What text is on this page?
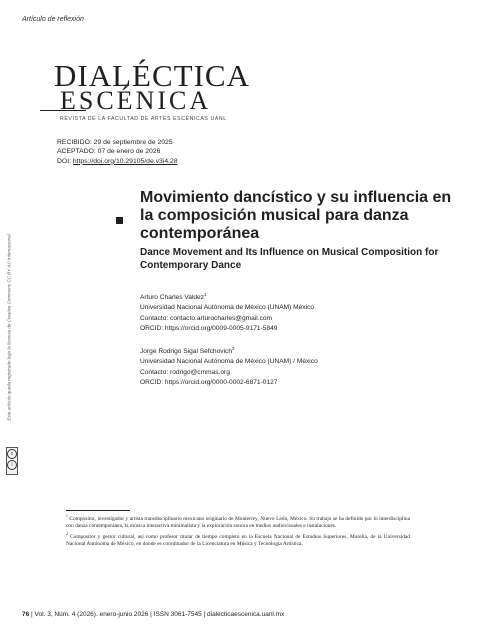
Artículo de reflexión
DIALÉCTICA
ESCÉNICA
REVISTA DE LA FACULTAD DE ARTES ESCÉNICAS UANL
RECIBIDO: 29 de septiembre de 2025
ACEPTADO: 07 de enero de 2026
DOI: https://doi.org/10.29105/de.v3i4.28
Movimiento dancístico y su influencia en la composición musical para danza contemporánea
Dance Movement and Its Influence on Musical Composition for Contemporary Dance
Arturo Charles Valdez$^1$
Universidad Nacional Autónoma de México (UNAM) México
Contacto: contacto.arturocharles@gmail.com
ORCID: https://orcid.org/0009-0005-9171-5849
Jorge Rodrigo Sigal Sefchovich$^2$
Universidad Nacional Autónoma de México (UNAM) / México
Contacto: rodrigo@cmmas.org
ORCID: https://orcid.org/0000-0002-6871-0127
Este artículo queda registrado bajo la licencia de Creative Commons CC BY 4.0 Internacional
c
i
$^1$ Compositor, investigador y artista transdisciplinario mexicano originario de Monterrey, Nuevo León, México. Su trabajo se ha definido por lo interdisciplina con danza contemporánea, la música interactiva minimalista y la exploración sonora en medios audiovisuales e instalaciones.
$^2$ Compositor y gestor cultural, así como profesor titular de tiempo completo en la Escuela Nacional de Estudios Superiores, Morelia, de la Universidad Nacional Autónoma de México, en donde es coordinador de la Licenciatura en Música y Tecnología Artística.
76 | Vol. 3, Núm. 4 (2026). enero-junio 2026 | ISSN 3061-7545 | dialecticaescenica.uanl.mx
